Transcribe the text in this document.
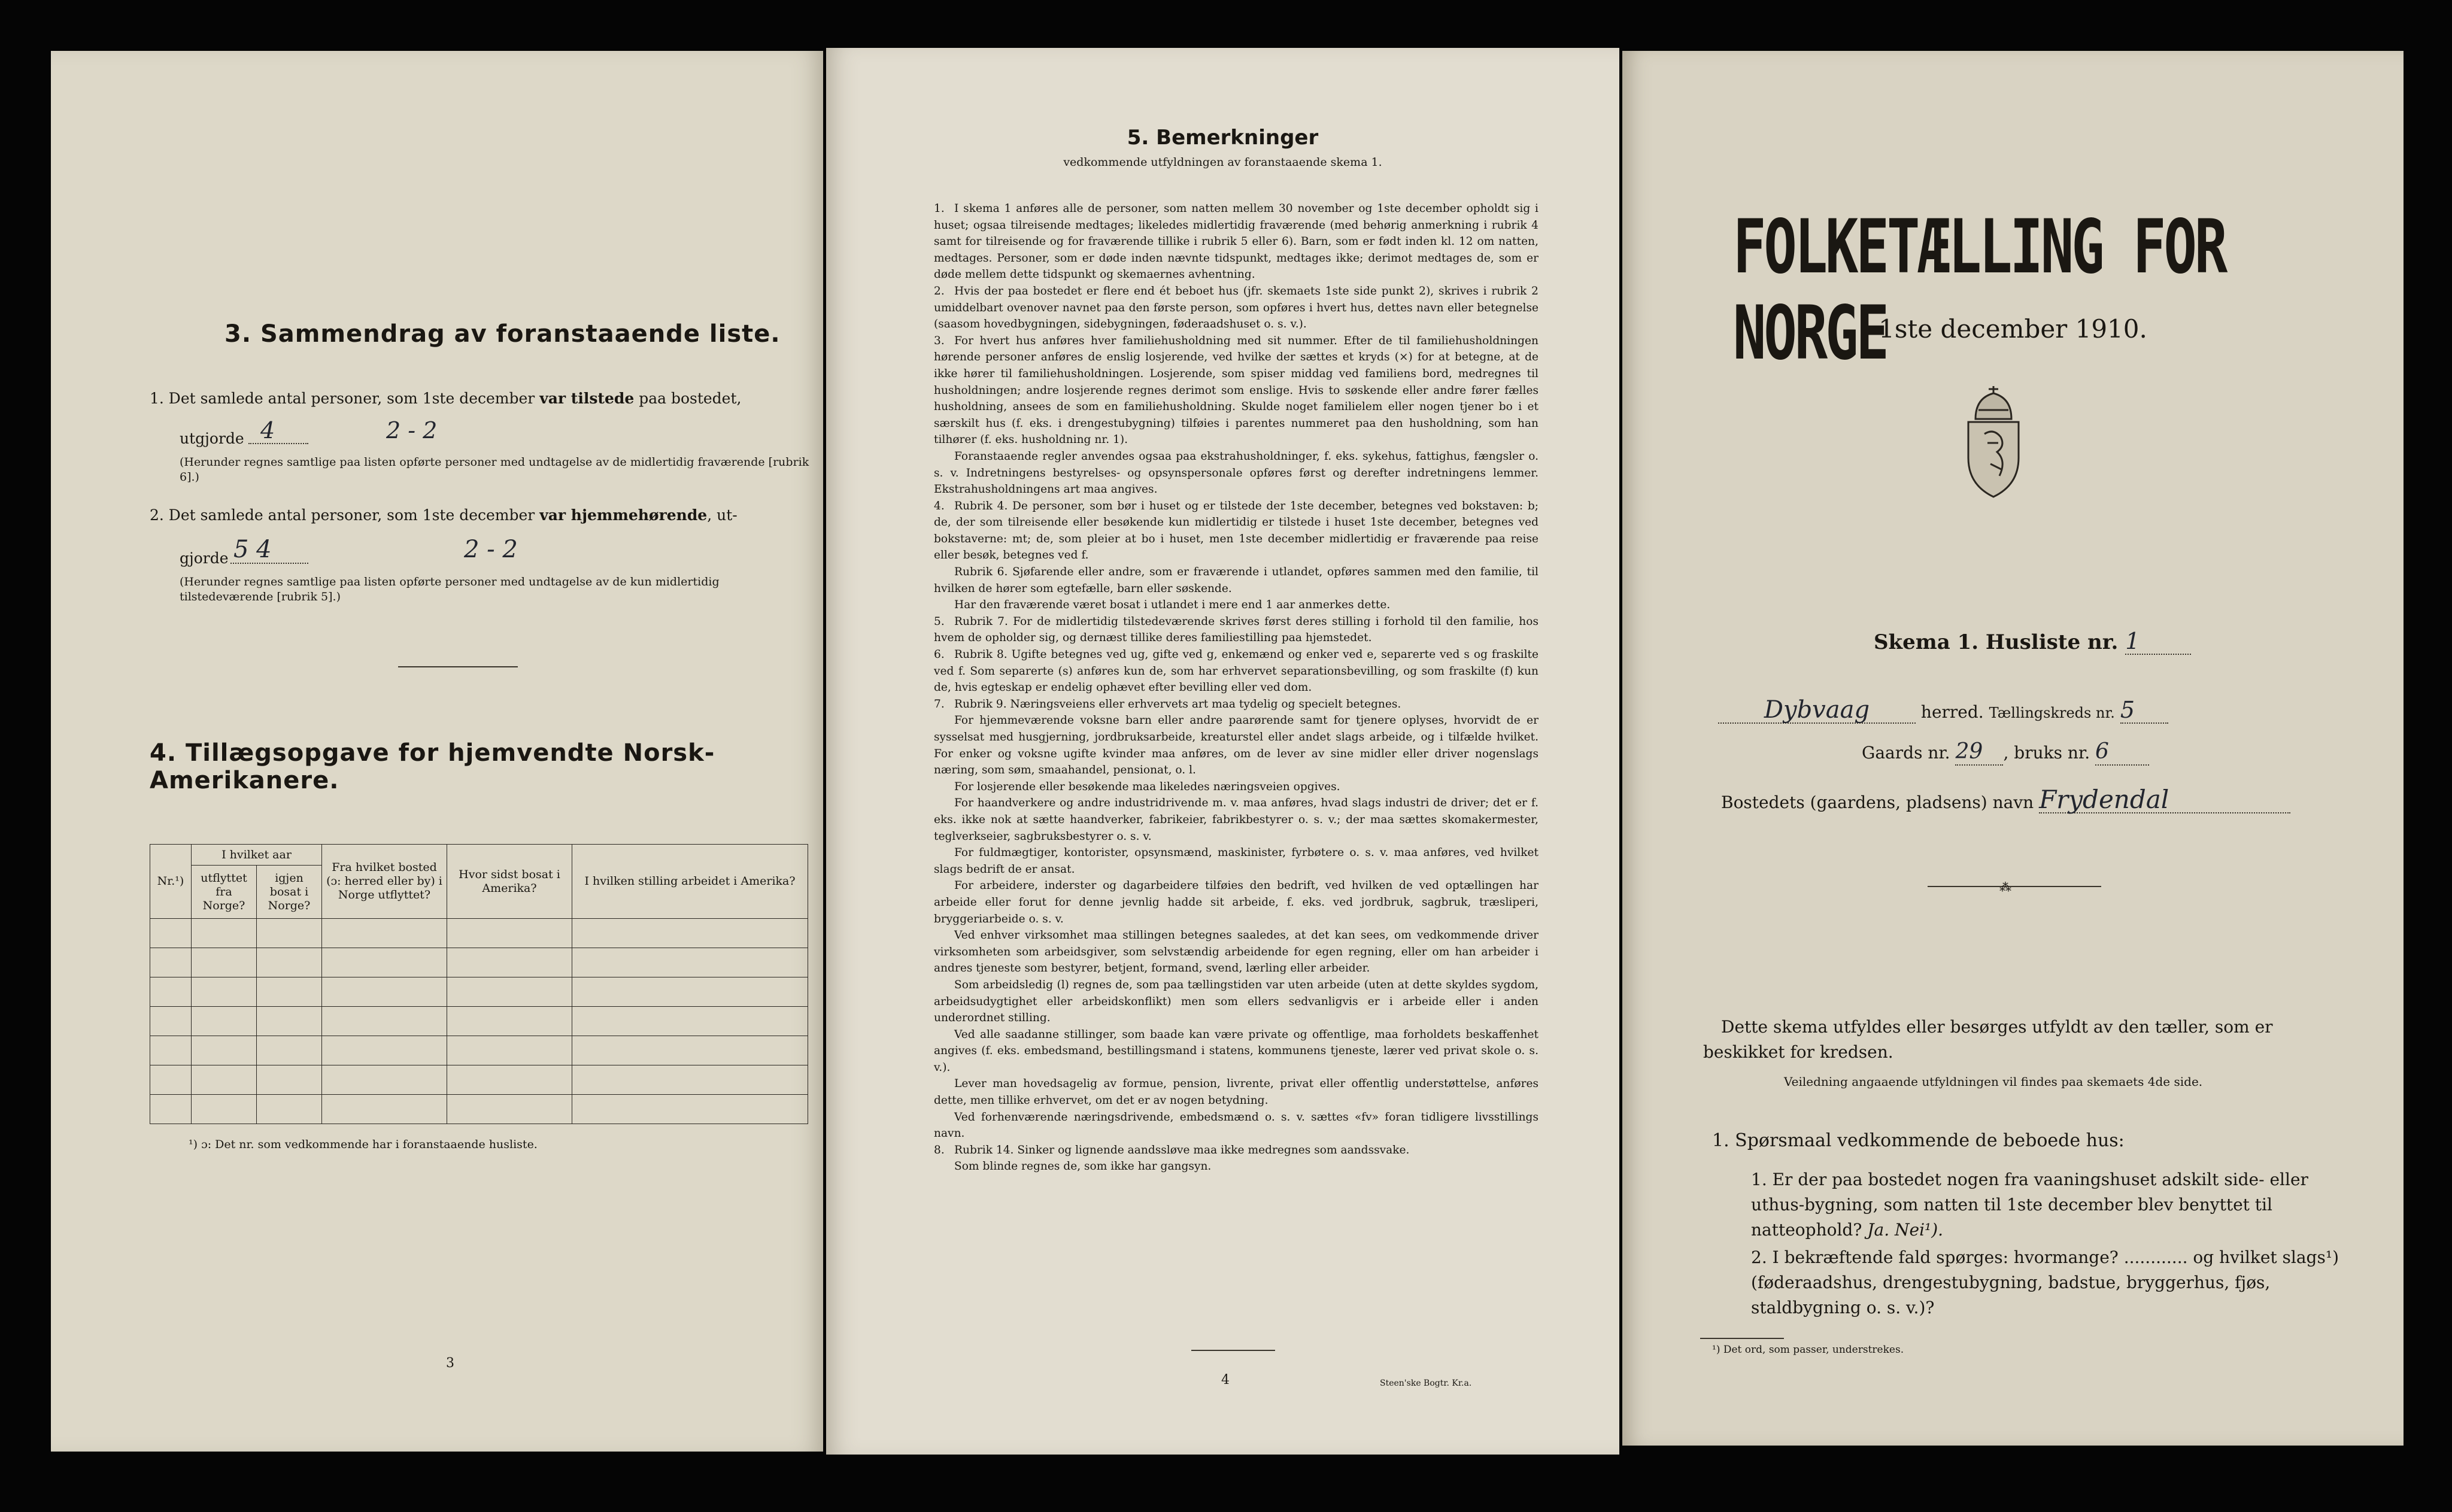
3. Sammendrag av foranstaaende liste.
1. Det samlede antal personer, som 1ste december var tilstede paa bostedet,
utgjorde 4	2 - 2
(Herunder regnes samtlige paa listen opførte personer med undtagelse av de midlertidig fraværende [rubrik 6].)
2. Det samlede antal personer, som 1ste december var hjemmehørende, ut-
gjorde 5 4	2 - 2
(Herunder regnes samtlige paa listen opførte personer med undtagelse av de kun midlertidig tilstedeværende [rubrik 5].)
4. Tillægsopgave for hjemvendte Norsk-Amerikanere.
Nr.¹)	I hvilket aar		Fra hvilket bosted (ɔ: herred eller by) i Norge utflyttet?	Hvor sidst bosat i Amerika?	I hvilken stilling arbeidet i Amerika?
	utflyttet fra Norge?	igjen bosat i Norge?			

¹) ɔ: Det nr. som vedkommende har i foranstaaende husliste.
3
5. Bemerkninger
vedkommende utfyldningen av foranstaaende skema 1.

1. I skema 1 anføres alle de personer, som natten mellem 30 november og 1ste december opholdt sig i huset; ogsaa tilreisende medtages; likeledes midlertidig fraværende (med behørig anmerkning i rubrik 4 samt for tilreisende og for fraværende tillike i rubrik 5 eller 6). Barn, som er født inden kl. 12 om natten, medtages. Personer, som er døde inden nævnte tidspunkt, medtages ikke; derimot medtages de, som er døde mellem dette tidspunkt og skemaernes avhentning.

2. Hvis der paa bostedet er flere end ét beboet hus (jfr. skemaets 1ste side punkt 2), skrives i rubrik 2 umiddelbart ovenover navnet paa den første person, som opføres i hvert hus, dettes navn eller betegnelse (saasom hovedbygningen, sidebygningen, føderaadshuset o. s. v.).

3. For hvert hus anføres hver familiehusholdning med sit nummer. Efter de til familiehusholdningen hørende personer anføres de enslig losjerende, ved hvilke der sættes et kryds (×) for at betegne, at de ikke hører til familiehusholdningen. Losjerende, som spiser middag ved familiens bord, medregnes til husholdningen; andre losjerende regnes derimot som enslige. Hvis to søskende eller andre fører fælles husholdning, ansees de som en familiehusholdning. Skulde noget familielem eller nogen tjener bo i et særskilt hus (f. eks. i drengestubygning) tilføies i parentes nummeret paa den husholdning, som han tilhører (f. eks. husholdning nr. 1).

Foranstaaende regler anvendes ogsaa paa ekstrahusholdninger, f. eks. sykehus, fattighus, fængsler o. s. v. Indretningens bestyrelses- og opsynspersonale opføres først og derefter indretningens lemmer. Ekstrahusholdningens art maa angives.

4. Rubrik 4. De personer, som bør i huset og er tilstede der 1ste december, betegnes ved bokstaven: b; de, der som tilreisende eller besøkende kun midlertidig er tilstede i huset 1ste december, betegnes ved bokstaverne: mt; de, som pleier at bo i huset, men 1ste december midlertidig er fraværende paa reise eller besøk, betegnes ved f.

Rubrik 6. Sjøfarende eller andre, som er fraværende i utlandet, opføres sammen med den familie, til hvilken de hører som egtefælle, barn eller søskende.

Har den fraværende været bosat i utlandet i mere end 1 aar anmerkes dette.

5. Rubrik 7. For de midlertidig tilstedeværende skrives først deres stilling i forhold til den familie, hos hvem de opholder sig, og dernæst tillike deres familiestilling paa hjemstedet.

6. Rubrik 8. Ugifte betegnes ved ug, gifte ved g, enkemænd og enker ved e, separerte ved s og fraskilte ved f. Som separerte (s) anføres kun de, som har erhvervet separationsbevilling, og som fraskilte (f) kun de, hvis egteskap er endelig ophævet efter bevilling eller ved dom.

7. Rubrik 9. Næringsveiens eller erhvervets art maa tydelig og specielt betegnes.

For hjemmeværende voksne barn eller andre paarørende samt for tjenere oplyses, hvorvidt de er sysselsat med husgjerning, jordbruksarbeide, kreaturstel eller andet slags arbeide, og i tilfælde hvilket. For enker og voksne ugifte kvinder maa anføres, om de lever av sine midler eller driver nogenslags næring, som søm, smaahandel, pensionat, o. l.

For losjerende eller besøkende maa likeledes næringsveien opgives.

For haandverkere og andre industridrivende m. v. maa anføres, hvad slags industri de driver; det er f. eks. ikke nok at sætte haandverker, fabrikeier, fabrikbestyrer o. s. v.; der maa sættes skomakermester, teglverkseier, sagbruksbestyrer o. s. v.

For fuldmægtiger, kontorister, opsynsmænd, maskinister, fyrbøtere o. s. v. maa anføres, ved hvilket slags bedrift de er ansat.

For arbeidere, inderster og dagarbeidere tilføies den bedrift, ved hvilken de ved optællingen har arbeide eller forut for denne jevnlig hadde sit arbeide, f. eks. ved jordbruk, sagbruk, træsliperi, bryggeriarbeide o. s. v.

Ved enhver virksomhet maa stillingen betegnes saaledes, at det kan sees, om vedkommende driver virksomheten som arbeidsgiver, som selvstændig arbeidende for egen regning, eller om han arbeider i andres tjeneste som bestyrer, betjent, formand, svend, lærling eller arbeider.

Som arbeidsledig (l) regnes de, som paa tællingstiden var uten arbeide (uten at dette skyldes sygdom, arbeidsudygtighet eller arbeidskonflikt) men som ellers sedvanligvis er i arbeide eller i anden underordnet stilling.

Ved alle saadanne stillinger, som baade kan være private og offentlige, maa forholdets beskaffenhet angives (f. eks. embedsmand, bestillingsmand i statens, kommunens tjeneste, lærer ved privat skole o. s. v.).

Lever man hovedsagelig av formue, pension, livrente, privat eller offentlig understøttelse, anføres dette, men tillike erhvervet, om det er av nogen betydning.

Ved forhenværende næringsdrivende, embedsmænd o. s. v. sættes «fv» foran tidligere livsstillings navn.

8. Rubrik 14. Sinker og lignende aandssløve maa ikke medregnes som aandssvake.

Som blinde regnes de, som ikke har gangsyn.

4	Steen'ske Bogtr. Kr.a.
FOLKETÆLLING FOR NORGE
1ste december 1910.
Skema 1. Husliste nr. 1
Dybvaag	herred. Tællingskreds nr. 5
Gaards nr. 29 , bruks nr. 6
Bostedets (gaardens, pladsens) navn Frydendal
⁂
Dette skema utfyldes eller besørges utfyldt av den tæller, som er beskikket for kredsen.
Veiledning angaaende utfyldningen vil findes paa skemaets 4de side.
1. Spørsmaal vedkommende de beboede hus:
1. Er der paa bostedet nogen fra vaaningshuset adskilt side- eller uthus-bygning, som natten til 1ste december blev benyttet til natteophold? Ja. Nei¹).
2. I bekræftende fald spørges: hvormange? ............ og hvilket slags¹) (føderaadshus, drengestubygning, badstue, bryggerhus, fjøs, staldbygning o. s. v.)?
¹) Det ord, som passer, understrekes.
